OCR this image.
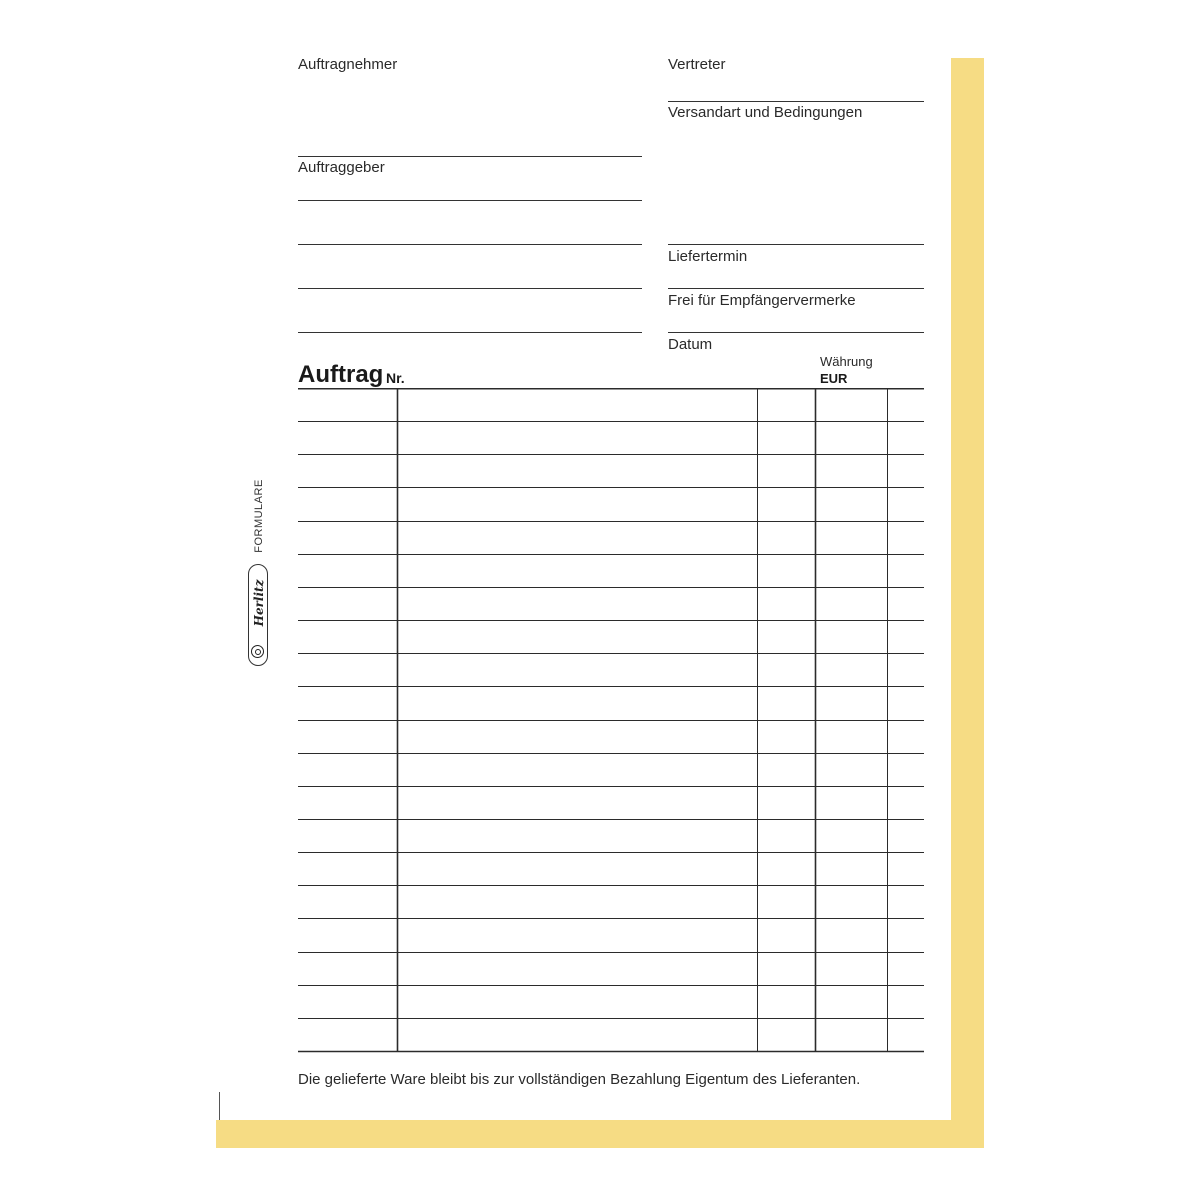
Auftragnehmer
Auftraggeber
Vertreter
Versandart und Bedingungen
Liefertermin
Frei für Empfängervermerke
Datum
Auftrag Nr.
Währung
EUR
Die gelieferte Ware bleibt bis zur vollständigen Bezahlung Eigentum des Lieferanten.
FORMULARE
Herlitz
